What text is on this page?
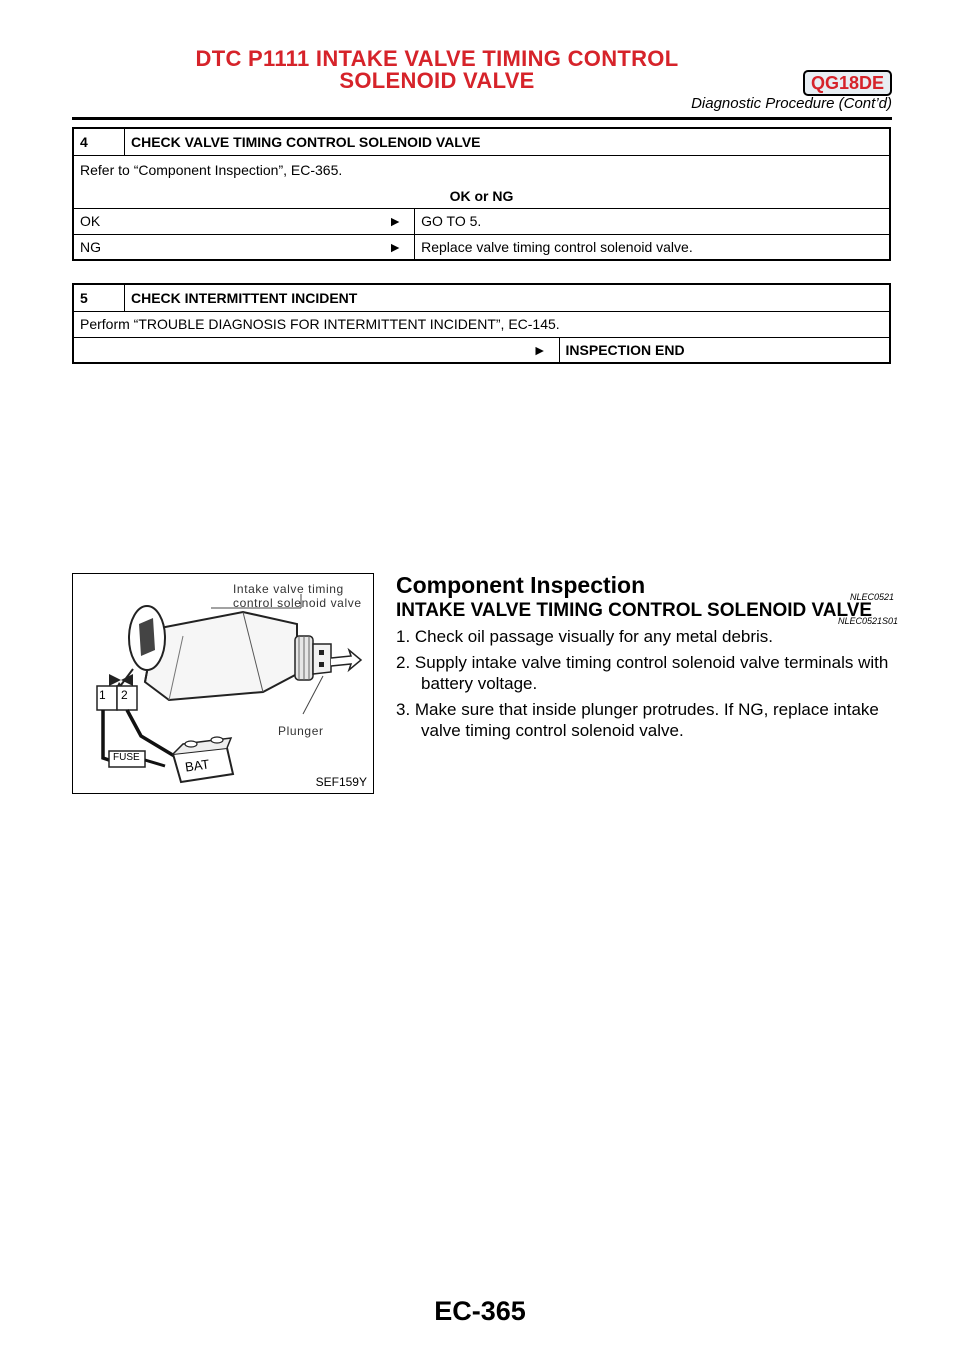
DTC P1111 INTAKE VALVE TIMING CONTROL
SOLENOID VALVE	QG18DE
Diagnostic Procedure (Cont’d)
4	CHECK VALVE TIMING CONTROL SOLENOID VALVE	

Refer to “Component Inspection”, EC-365.
OK or NG		

OK ►		GO TO 5.
NG ►		Replace valve timing control solenoid valve.
5	CHECK INTERMITTENT INCIDENT	
Perform “TROUBLE DIAGNOSIS FOR INTERMITTENT INCIDENT”, EC-145.		

►		INSPECTION END
Intake valve timing
control solenoid valve
Plunger
1 2
FUSE	BAT
SEF159Y
Component Inspection	NLEC0521
INTAKE VALVE TIMING CONTROL SOLENOID VALVE
NLEC0521S01
1. Check oil passage visually for any metal debris.
2. Supply intake valve timing control solenoid valve terminals with battery voltage.
3. Make sure that inside plunger protrudes. If NG, replace intake valve timing control solenoid valve.
EC-365
